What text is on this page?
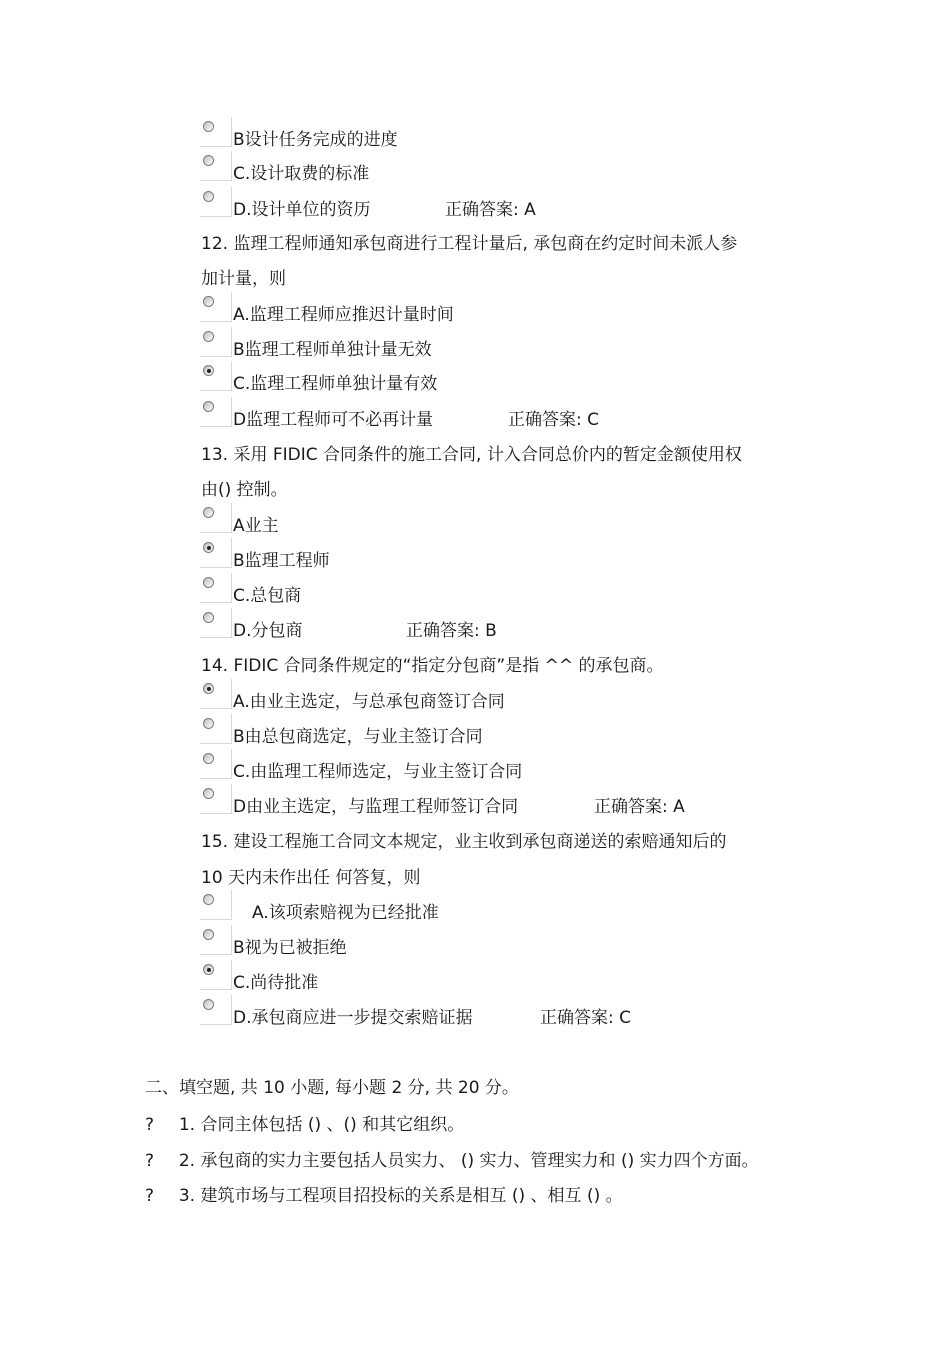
B设计任务完成的进度
C.设计取费的标准
D.设计单位的资历	正确答案: A
12. 监理工程师通知承包商进行工程计量后, 承包商在约定时间未派人参
加计量，则
A.监理工程师应推迟计量时间
B监理工程师单独计量无效
C.监理工程师单独计量有效
D监理工程师可不必再计量	正确答案: C
13. 采用 FIDIC 合同条件的施工合同, 计入合同总价内的暂定金额使用权
由() 控制。
A业主
B监理工程师
C.总包商
D.分包商	正确答案: B
14. FIDIC 合同条件规定的“指定分包商”是指 ^^ 的承包商。
A.由业主选定，与总承包商签订合同
B由总包商选定，与业主签订合同
C.由监理工程师选定，与业主签订合同
D由业主选定，与监理工程师签订合同	正确答案: A
15. 建设工程施工合同文本规定，业主收到承包商递送的索赔通知后的
10 天内未作出任 何答复，则
A.该项索赔视为已经批准
B视为已被拒绝
C.尚待批准
D.承包商应进一步提交索赔证据	正确答案: C
二、填空题, 共 10 小题, 每小题 2 分, 共 20 分。
? 1. 合同主体包括 () 、() 和其它组织。
? 2. 承包商的实力主要包括人员实力、 () 实力、管理实力和 () 实力四个方面。
? 3. 建筑市场与工程项目招投标的关系是相互 () 、相互 () 。
